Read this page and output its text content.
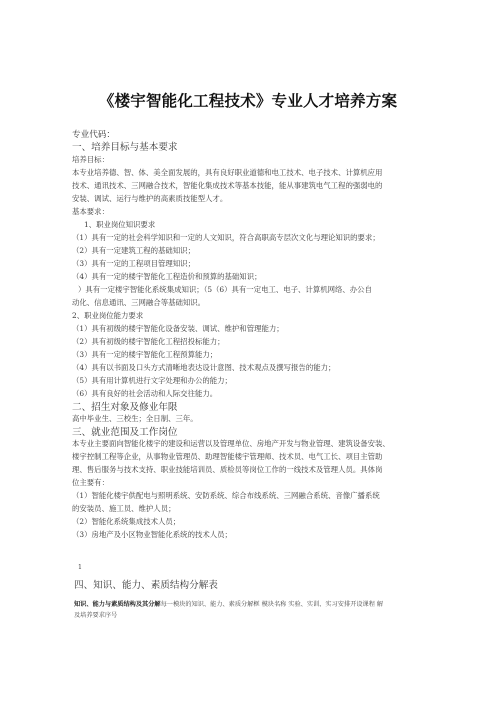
《楼宇智能化工程技术》专业人才培养方案
专业代码：
一、培养目标与基本要求
培养目标：
本专业培养德、智、体、美全面发展的，具有良好职业道德和电工技术、电子技术、计算机应用
技术、通讯技术、三网融合技术，智能化集成技术等基本技能，能从事建筑电气工程的强弱电的
安装、调试、运行与维护的高素质技能型人才。
基本要求：
1、职业岗位知识要求
（1）具有一定的社会科学知识和一定的人文知识，符合高职高专层次文化与理论知识的要求；
（2）具有一定建筑工程的基础知识；
（3）具有一定的工程项目管理知识；
（4）具有一定的楼宇智能化工程造价和预算的基础知识；
）具有一定楼宇智能化系统集成知识；（5（6）具有一定电工、电子、计算机网络、办公自
动化、信息通讯、三网融合等基础知识。
2、职业岗位能力要求
（1）具有初级的楼宇智能化设备安装、调试、维护和管理能力；
（2）具有初级的楼宇智能化工程招投标能力；
（3）具有一定的楼宇智能化工程预算能力；
（4）具有以书面及口头方式清晰地表达设计意图、技术观点及撰写报告的能力；
（5）具有用计算机进行文字处理和办公的能力；
（6）具有良好的社会活动和人际交往能力。
二、招生对象及修业年限
高中毕业生、三校生；全日制、三年。
三、就业范围及工作岗位
本专业主要面向智能化楼宇的建设和运营以及管理单位、房地产开发与物业管理、建筑设备安装、
楼宇控制工程等企业，从事物业管理员、助理智能楼宇管理师、技术员、电气工长、项目主管助
理、售后服务与技术支持、职业技能培训员、质检员等岗位工作的一线技术及管理人员。具体岗
位主要有：
（1）智能化楼宇供配电与照明系统、安防系统、综合布线系统、三网融合系统、音像广播系统
的安装员、施工员、维护人员；
（2）智能化系统集成技术人员；
（3）房地产及小区物业智能化系统的技术人员；
1
四、知识、能力、素质结构分解表
知识、能力与素质结构及其分解每一模块的知识、能力、素质分解框 模块名称 实验、实训、实习安排开设课程 解
及培养要求序号
